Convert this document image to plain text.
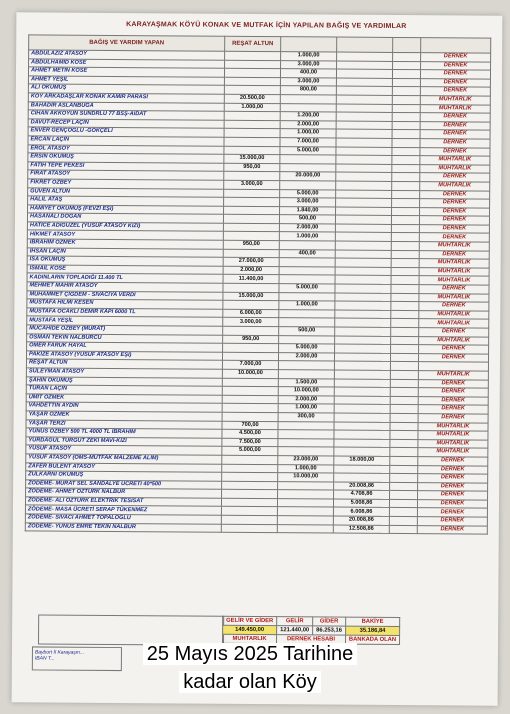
KARAYAŞMAK KÖYÜ KONAK VE MUTFAK İÇİN YAPILAN BAĞIŞ VE YARDIMLAR
BAĞIŞ VE YARDIM YAPAN	REŞAT ALTUN				
ABDULAZİZ ATASOY		1.000,00			DERNEK
ABDULHAMİD KÖSE		3.000,00			DERNEK
AHMET METİN KÖSE		400,00			DERNEK
AHMET YEŞİL		3.000,00			DERNEK
ALİ OKUMUŞ		800,00			DERNEK
KÖY ARKADAŞLAR KONAK KAMIR PARASI	20.500,00				MUHTARLIK
BAHADIR ASLANBUĞA	1.000,00				MUHTARLIK
CİHAN AKKOYUN SÜNDRLÜ 77 BSŞ-AİDAT		1.200,00			DERNEK
DAVUT-RECEP LAÇİN		2.000,00			DERNEK
ENVER GENÇOĞLU -GÖKÇELİ		1.000,00			DERNEK
ERCAN LAÇİN		7.000,00			DERNEK
EROL ATASOY		5.000,00			DERNEK
ERSİN OKUMUŞ	15.000,00				MUHTARLIK
FATİH TEPE PEKESİ	950,00				MUHTARLIK
FIRAT ATASOY		20.000,00			DERNEK
FİKRET ÖZBEY	3.000,00				MUHTARLIK
GÜVEN ALTUN		5.000,00			DERNEK
HALİL ATAŞ		3.000,00			DERNEK
HAMİYET OKUMUŞ (FEVZİ EŞİ)		1.840,00			DERNEK
HASANALİ DOĞAN		500,00			DERNEK
HATİCE ADIGÜZEL (YUSUF ATASOY KIZI)		2.000,00			DERNEK
HİKMET ATASOY		1.000,00			DERNEK
İBRAHİM ÖZMEK	950,00				MUHTARLIK
İHSAN LAÇİN		400,00			DERNEK
İSA OKUMUŞ	27.000,00				MUHTARLIK
İSMAİL KÖSE	2.000,00				MUHTARLIK
KADINLARIN TOPLADIĞI 11.400 TL	11.400,00				MUHTARLIK
MEHMET MAHİR ATASOY		5.000,00			DERNEK
MUHAMMET ÇİĞDEM - SİVACIYA VERDİ	15.000,00				MUHTARLIK
MUSTAFA HİLMİ KESEN		1.000,00			DERNEK
MUSTAFA OCAKLI DEMİR KAPI 6000 TL	6.000,00				MUHTARLIK
MUSTAFA YEŞİL	3.000,00				MUHTARLIK
MÜCAHİDE ÖZBEY (MURAT)		500,00			DERNEK
OSMAN TEKİN NALBURCU	950,00				MUHTARLIK
ÖMER FARUK HAYAL		5.000,00			DERNEK
PAKİZE ATASOY (YUSUF ATASOY EŞİ)		2.000,00			DERNEK
REŞAT ALTUN	7.000,00				
SÜLEYMAN ATASOY	10.000,00				MUHTARLIK
ŞAHİN OKUMUŞ		1.500,00			DERNEK
TURAN LAÇİN		10.000,00			DERNEK
ÜMİT ÖZMEK		2.000,00			DERNEK
VAHDETTİN AYDIN		1.000,00			DERNEK
YAŞAR ÖZMEK		300,00			DERNEK
YAŞAR TERZİ	700,00				MUHTARLIK
YUNUS ÖZBEY 500 TL 4000 TL İBRAHİM	4.500,00				MUHTARLIK
YURDAGÜL TURGUT ZEKİ MAVİ-KIZI	7.500,00				MUHTARLIK
YUSUF ATASOY	5.000,00				MUHTARLIK
YUSUF ATASOY (OMS-MUTFAK MALZEME ALIM)		23.000,00	18.000,00		DERNEK
ZAFER BÜLENT ATASOY		1.000,00			DERNEK
ZÜLKARNİ OKUMUŞ		10.000,00			DERNEK
ZÖDEME- MURAT SEL SANDALYE ÜCRETİ 40*500			20.008,86		DERNEK
ZÖDEME- AHMET ÖZTÜRK NALBUR			4.708,86		DERNEK
ZÖDEME- ALİ ÖZTÜRK ELEKTRİK TESİSAT			5.008,86		DERNEK
ZÖDEME- MASA ÜCRETİ SERAP TÜKENMEZ			6.008,86		DERNEK
ZÖDEME- SIVACI AHMET TOPALOĞLU			20.008,86		DERNEK
ZÖDEME- YUNUS EMRE TEKİN NALBUR			12.508,86		DERNEK
GELİR VE GİDER	GELİR	GİDER	BAKİYE
149.450,00	121.440,00	86.253,16	35.186,84
MUHTARLIK	DERNEK HESABI		BANKADA OLAN
Bayburt İl Karayaşm...
IBAN T...	25 Mayıs 2025 Tarihine
kadar olan Köy
